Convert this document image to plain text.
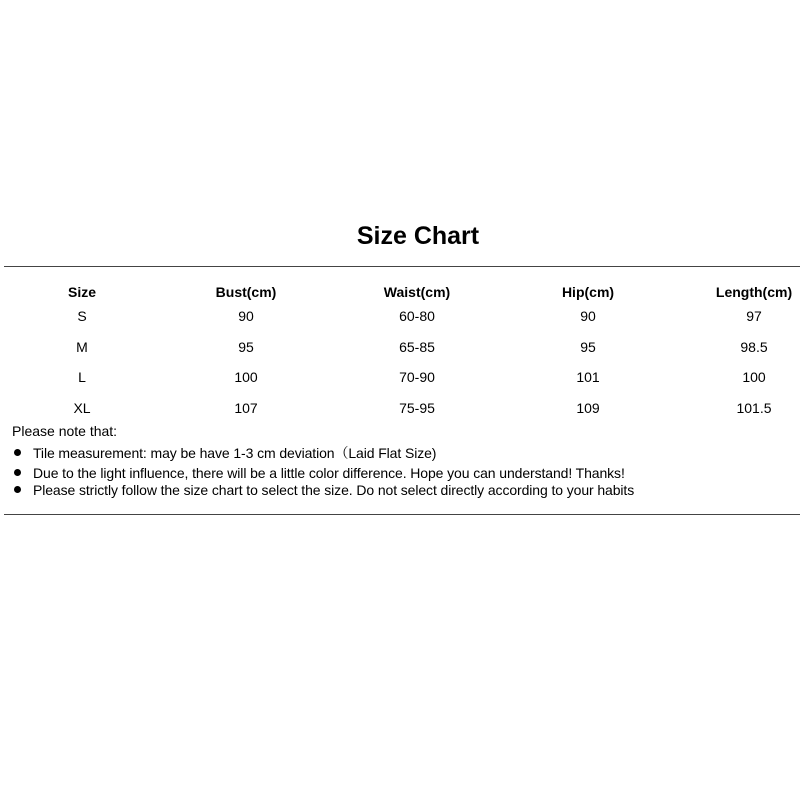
Size Chart
Size	Bust(cm)	Waist(cm)	Hip(cm)	Length(cm)
S	90	60-80	90	97
M	95	65-85	95	98.5
L	100	70-90	101	100
XL	107	75-95	109	101.5
Please note that:
Tile measurement: may be have 1-3 cm deviation（Laid Flat Size)
Due to the light influence, there will be a little color difference. Hope you can understand! Thanks!
Please strictly follow the size chart to select the size. Do not select directly according to your habits
